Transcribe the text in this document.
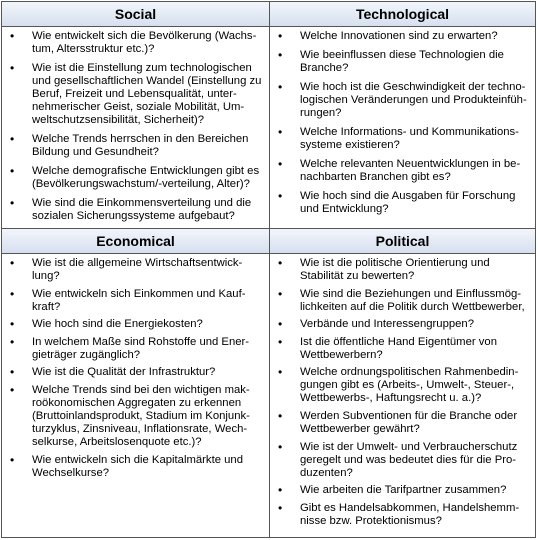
Social
• Wie entwickelt sich die Bevölkerung (Wachs-tum, Altersstruktur etc.)?
• Wie ist die Einstellung zum technologischen und gesellschaftlichen Wandel (Einstellung zu Beruf, Freizeit und Lebensqualität, unter-nehmerischer Geist, soziale Mobilität, Um-weltschutzsensibilität, Sicherheit)?
• Welche Trends herrschen in den Bereichen Bildung und Gesundheit?
• Welche demografische Entwicklungen gibt es (Bevölkerungswachstum/-verteilung, Alter)?
• Wie sind die Einkommensverteilung und die sozialen Sicherungssysteme aufgebaut?
Technological
• Welche Innovationen sind zu erwarten?
• Wie beeinflussen diese Technologien die Branche?
• Wie hoch ist die Geschwindigkeit der techno-logischen Veränderungen und Produkteinfüh-rungen?
• Welche Informations- und Kommunikations-systeme existieren?
• Welche relevanten Neuentwicklungen in be-nachbarten Branchen gibt es?
• Wie hoch sind die Ausgaben für Forschung und Entwicklung?
Economical
• Wie ist die allgemeine Wirtschaftsentwick-lung?
• Wie entwickeln sich Einkommen und Kauf-kraft?
• Wie hoch sind die Energiekosten?
• In welchem Maße sind Rohstoffe und Ener-gieträger zugänglich?
• Wie ist die Qualität der Infrastruktur?
• Welche Trends sind bei den wichtigen mak-roökonomischen Aggregaten zu erkennen (Bruttoinlandsprodukt, Stadium im Konjunk-turzyklus, Zinsniveau, Inflationsrate, Wech-selkurse, Arbeitslosenquote etc.)?
• Wie entwickeln sich die Kapitalmärkte und Wechselkurse?
Political
• Wie ist die politische Orientierung und Stabilität zu bewerten?
• Wie sind die Beziehungen und Einflussmög-lichkeiten auf die Politik durch Wettbewerber,
• Verbände und Interessengruppen?
• Ist die öffentliche Hand Eigentümer von Wettbewerbern?
• Welche ordnungspolitischen Rahmenbedin-gungen gibt es (Arbeits-, Umwelt-, Steuer-, Wettbewerbs-, Haftungsrecht u. a.)?
• Werden Subventionen für die Branche oder Wettbewerber gewährt?
• Wie ist der Umwelt- und Verbraucherschutz geregelt und was bedeutet dies für die Pro-duzenten?
• Wie arbeiten die Tarifpartner zusammen?
• Gibt es Handelsabkommen, Handelshemm-nisse bzw. Protektionismus?
